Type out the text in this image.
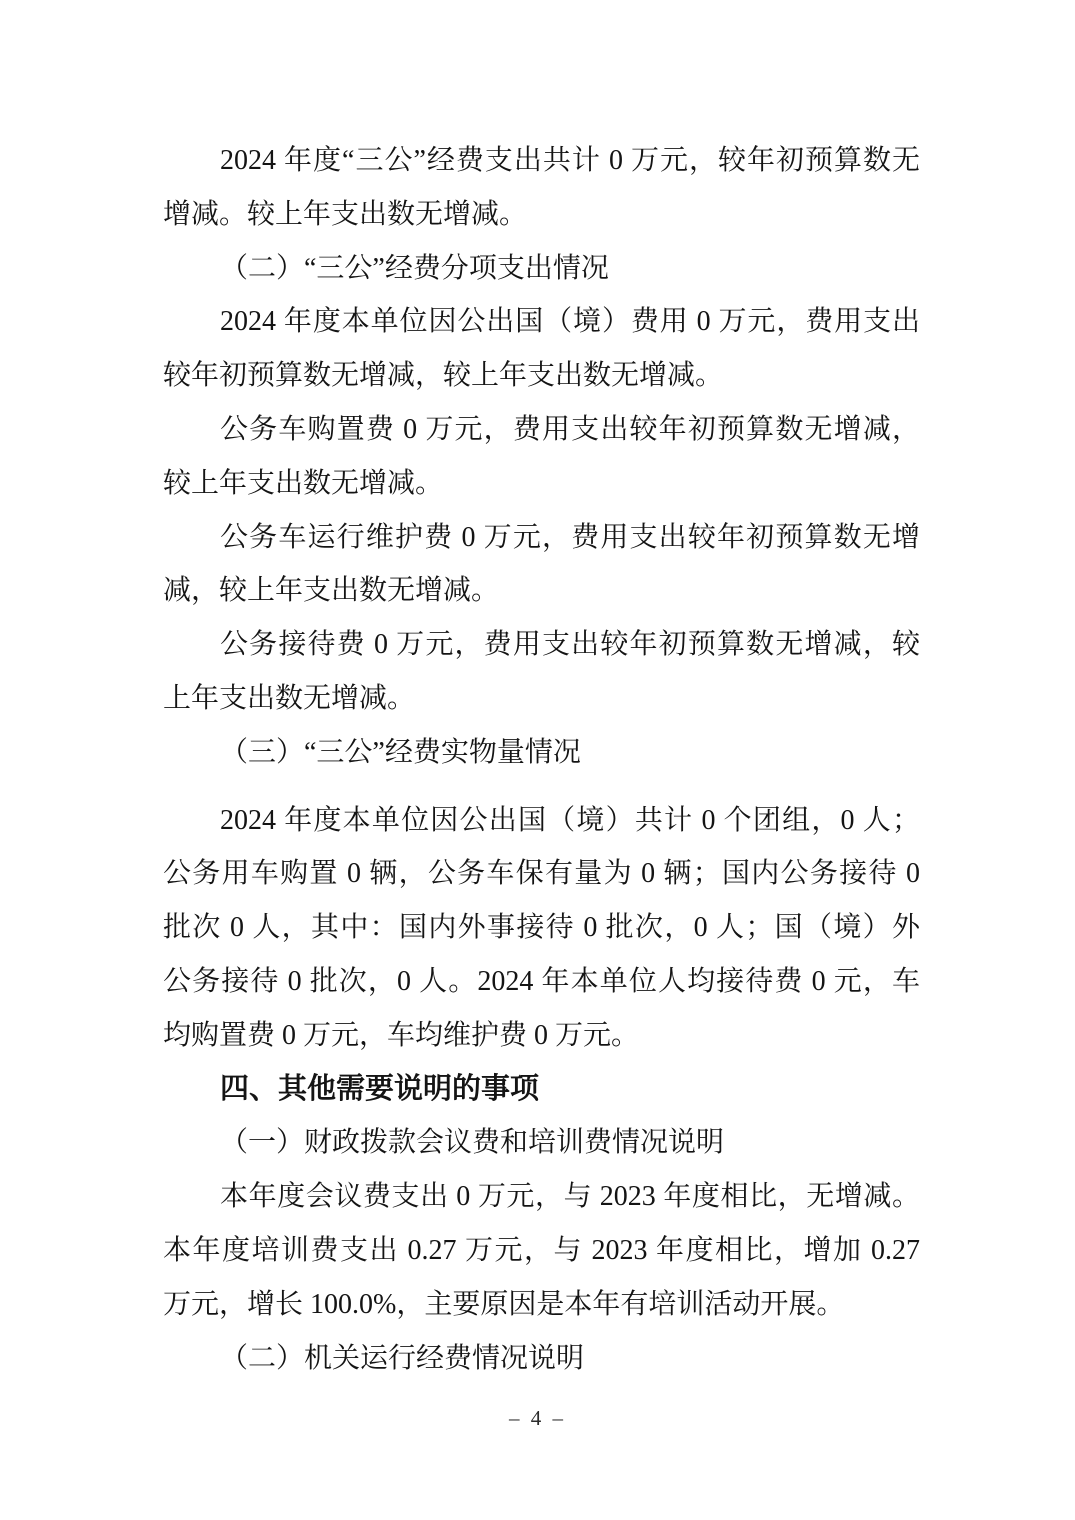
2024 年度“三公”经费支出共计 0 万元，较年初预算数无
增减。较上年支出数无增减。
（二）“三公”经费分项支出情况
2024 年度本单位因公出国（境）费用 0 万元，费用支出
较年初预算数无增减，较上年支出数无增减。
公务车购置费 0 万元，费用支出较年初预算数无增减，
较上年支出数无增减。
公务车运行维护费 0 万元，费用支出较年初预算数无增
减，较上年支出数无增减。
公务接待费 0 万元，费用支出较年初预算数无增减，较
上年支出数无增减。
（三）“三公”经费实物量情况
2024 年度本单位因公出国（境）共计 0 个团组，0 人；
公务用车购置 0 辆，公务车保有量为 0 辆；国内公务接待 0
批次 0 人，其中：国内外事接待 0 批次，0 人；国（境）外
公务接待 0 批次，0 人。2024 年本单位人均接待费 0 元，车
均购置费 0 万元，车均维护费 0 万元。
四、其他需要说明的事项
（一）财政拨款会议费和培训费情况说明
本年度会议费支出 0 万元，与 2023 年度相比，无增减。
本年度培训费支出 0.27 万元，与 2023 年度相比，增加 0.27
万元，增长 100.0%，主要原因是本年有培训活动开展。
（二）机关运行经费情况说明
– 4 –
